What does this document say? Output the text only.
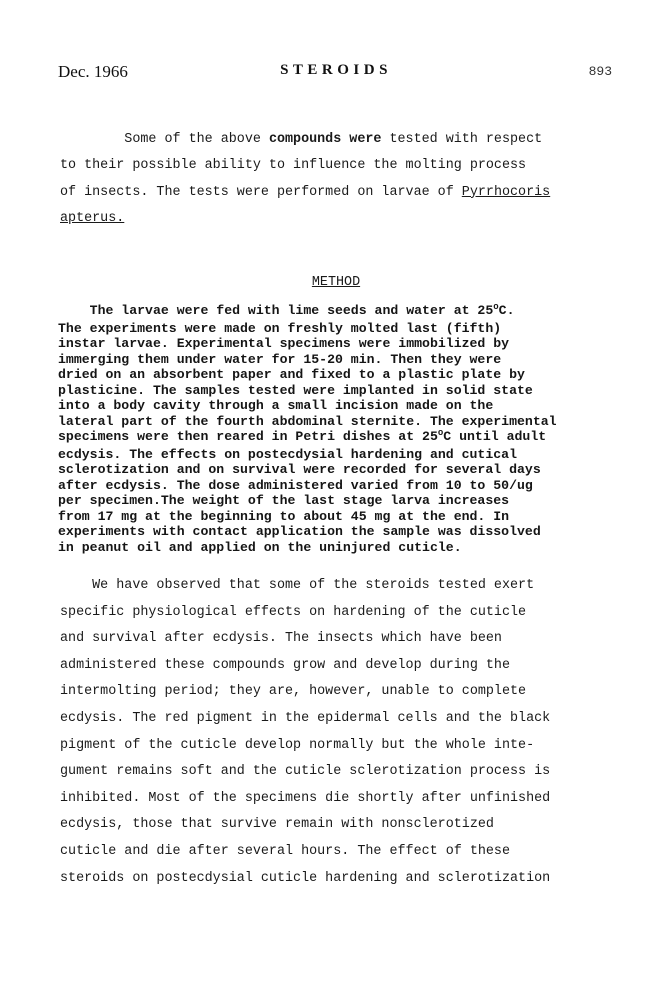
Dec. 1966	STEROIDS	893

Some of the above compounds were tested with respect
to their possible ability to influence the molting process
of insects. The tests were performed on larvae of Pyrrhocoris
apterus.

METHOD

The larvae were fed with lime seeds and water at 25$^o$C.
The experiments were made on freshly molted last (fifth)
instar larvae. Experimental specimens were immobilized by
immerging them under water for 15-20 min. Then they were
dried on an absorbent paper and fixed to a plastic plate by
plasticine. The samples tested were implanted in solid state
into a body cavity through a small incision made on the
lateral part of the fourth abdominal sternite. The experimental
specimens were then reared in Petri dishes at 25$^o$C until adult
ecdysis. The effects on postecdysial hardening and cutical
sclerotization and on survival were recorded for several days
after ecdysis. The dose administered varied from 10 to 50/ug
per specimen.The weight of the last stage larva increases
from 17 mg at the beginning to about 45 mg at the end. In
experiments with contact application the sample was dissolved
in peanut oil and applied on the uninjured cuticle.

We have observed that some of the steroids tested exert
specific physiological effects on hardening of the cuticle
and survival after ecdysis. The insects which have been
administered these compounds grow and develop during the
intermolting period; they are, however, unable to complete
ecdysis. The red pigment in the epidermal cells and the black
pigment of the cuticle develop normally but the whole inte-
gument remains soft and the cuticle sclerotization process is
inhibited. Most of the specimens die shortly after unfinished
ecdysis, those that survive remain with nonsclerotized
cuticle and die after several hours. The effect of these
steroids on postecdysial cuticle hardening and sclerotization
